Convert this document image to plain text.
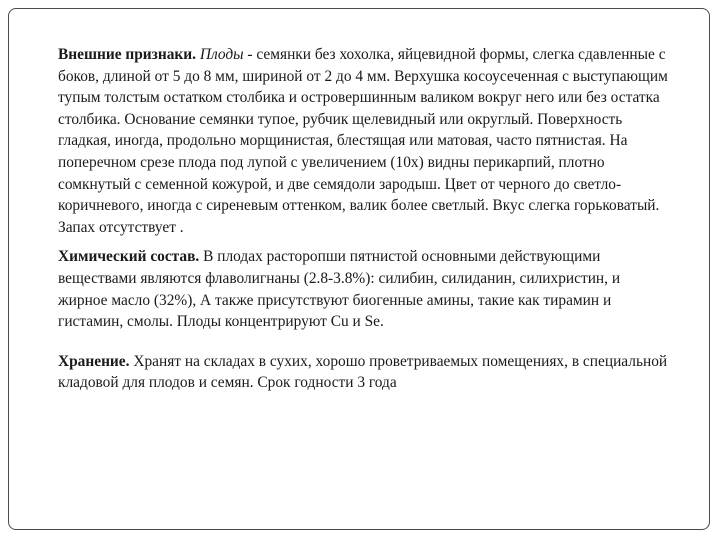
Внешние признаки. Плоды - семянки без хохолка, яйцевидной формы, слегка сдавленные с боков, длиной от 5 до 8 мм, шириной от 2 до 4 мм. Верхушка косоусеченная с выступающим тупым толстым остатком столбика и островершинным валиком вокруг него или без остатка столбика. Основание семянки тупое, рубчик щелевидный или округлый. Поверхность гладкая, иногда, продольно морщинистая, блестящая или матовая, часто пятнистая. На поперечном срезе плода под лупой с увеличением (10х) видны перикарпий, плотно сомкнутый с семенной кожурой, и две семядоли зародыш. Цвет от черного до светло-коричневого, иногда с сиреневым оттенком, валик более светлый. Вкус слегка горьковатый. Запах отсутствует .

Химический состав. В плодах расторопши пятнистой основными действующими веществами являются флаволигнаны (2.8-3.8%): силибин, силиданин, силихристин, и жирное масло (32%), А также присутствуют биогенные амины, такие как тирамин и гистамин, смолы. Плоды концентрируют Cu и Se.

Хранение. Хранят на складах в сухих, хорошо проветриваемых помещениях, в специальной кладовой для плодов и семян. Срок годности 3 года
